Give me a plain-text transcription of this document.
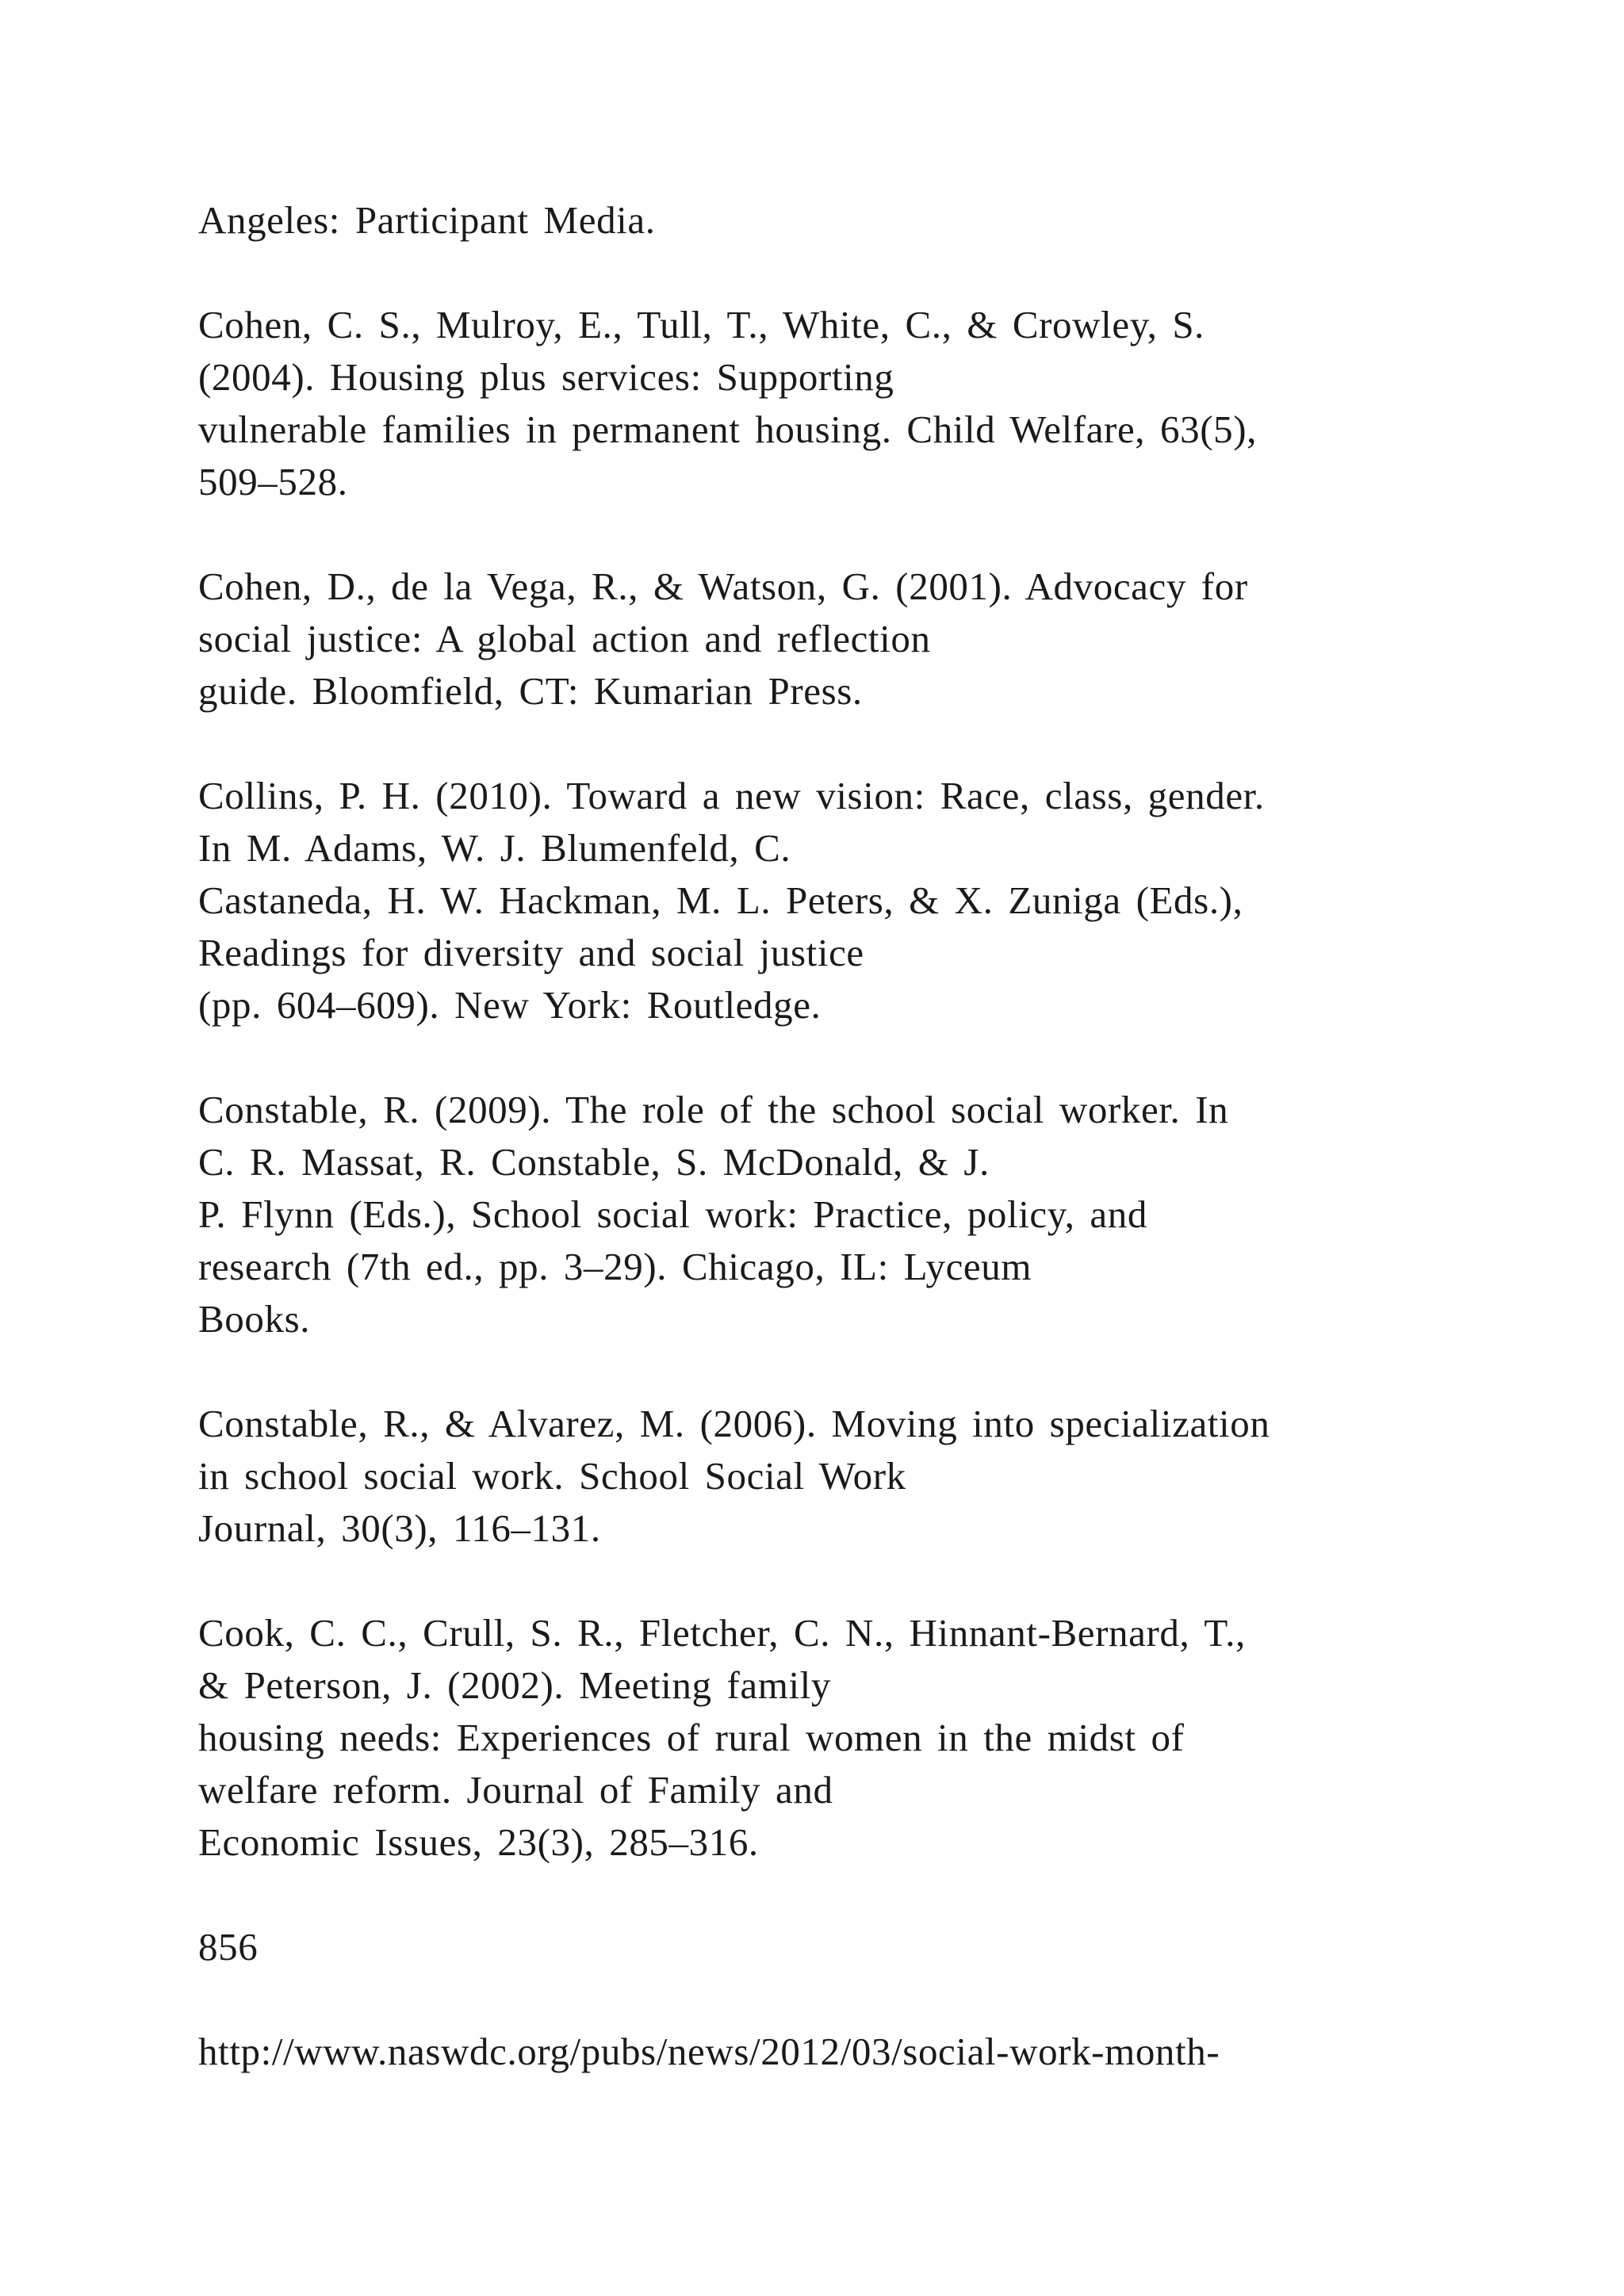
Angeles: Participant Media.
Cohen, C. S., Mulroy, E., Tull, T., White, C., & Crowley, S.
(2004). Housing plus services: Supporting
vulnerable families in permanent housing. Child Welfare, 63(5),
509–528.
Cohen, D., de la Vega, R., & Watson, G. (2001). Advocacy for
social justice: A global action and reflection
guide. Bloomfield, CT: Kumarian Press.
Collins, P. H. (2010). Toward a new vision: Race, class, gender.
In M. Adams, W. J. Blumenfeld, C.
Castaneda, H. W. Hackman, M. L. Peters, & X. Zuniga (Eds.),
Readings for diversity and social justice
(pp. 604–609). New York: Routledge.
Constable, R. (2009). The role of the school social worker. In
C. R. Massat, R. Constable, S. McDonald, & J.
P. Flynn (Eds.), School social work: Practice, policy, and
research (7th ed., pp. 3–29). Chicago, IL: Lyceum
Books.
Constable, R., & Alvarez, M. (2006). Moving into specialization
in school social work. School Social Work
Journal, 30(3), 116–131.
Cook, C. C., Crull, S. R., Fletcher, C. N., Hinnant-Bernard, T.,
& Peterson, J. (2002). Meeting family
housing needs: Experiences of rural women in the midst of
welfare reform. Journal of Family and
Economic Issues, 23(3), 285–316.
856
http://www.naswdc.org/pubs/news/2012/03/social-work-month-
